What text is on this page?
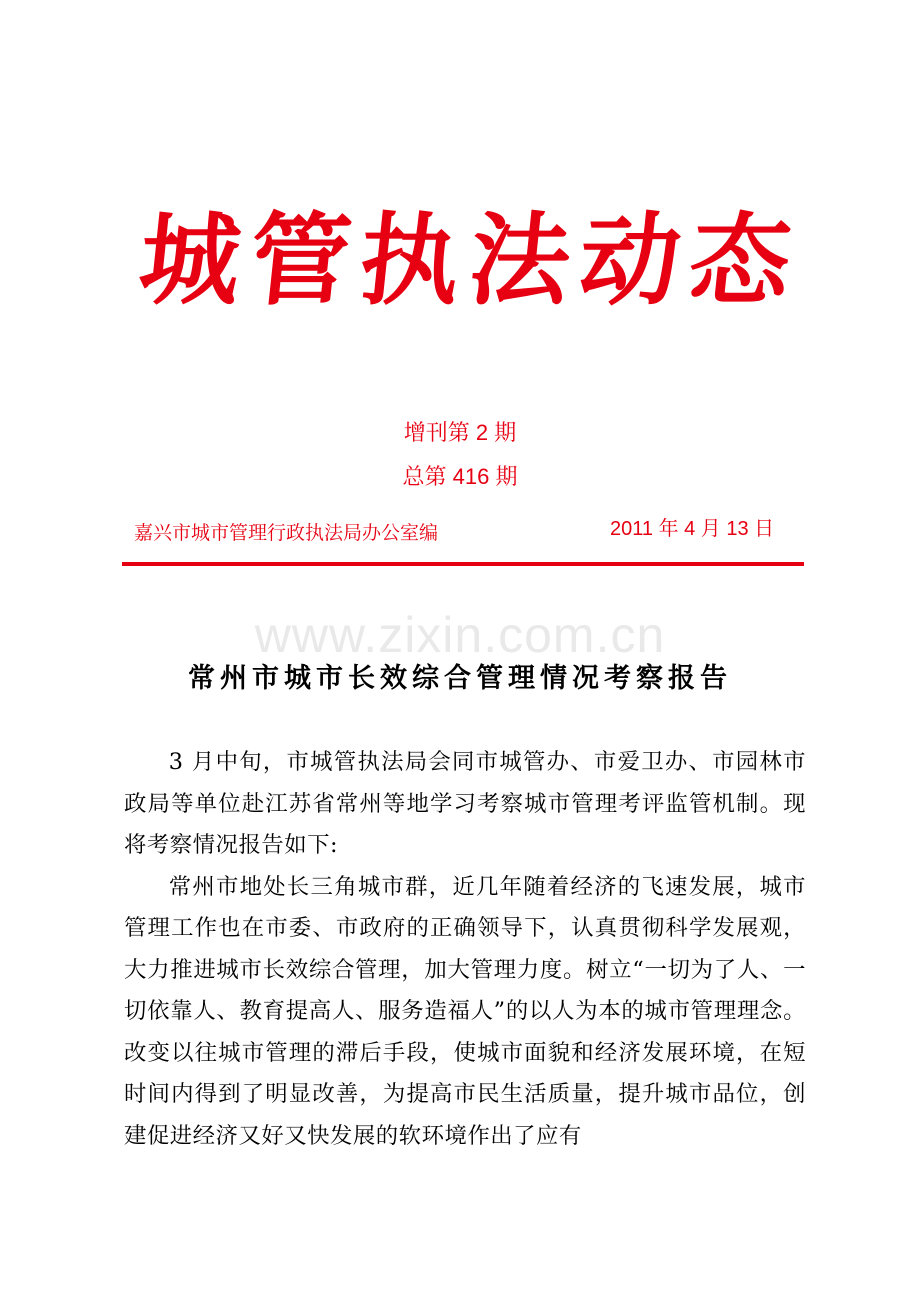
城
管
执
法
动
态
增刊第 2 期
总第 416 期
嘉兴市城市管理行政执法局办公室编	2011 年 4 月 13 日
www.zixin.com.cn
常州市城市长效综合管理情况考察报告

3 月中旬，市城管执法局会同市城管办、市爱卫办、市园林市政局等单位赴江苏省常州等地学习考察城市管理考评监管机制。现将考察情况报告如下:

常州市地处长三角城市群，近几年随着经济的飞速发展，城市管理工作也在市委、市政府的正确领导下，认真贯彻科学发展观，大力推进城市长效综合管理，加大管理力度。树立“一切为了人、一切依靠人、教育提高人、服务造福人”的以人为本的城市管理理念。改变以往城市管理的滞后手段，使城市面貌和经济发展环境，在短时间内得到了明显改善，为提高市民生活质量，提升城市品位，创建促进经济又好又快发展的软环境作出了应有
